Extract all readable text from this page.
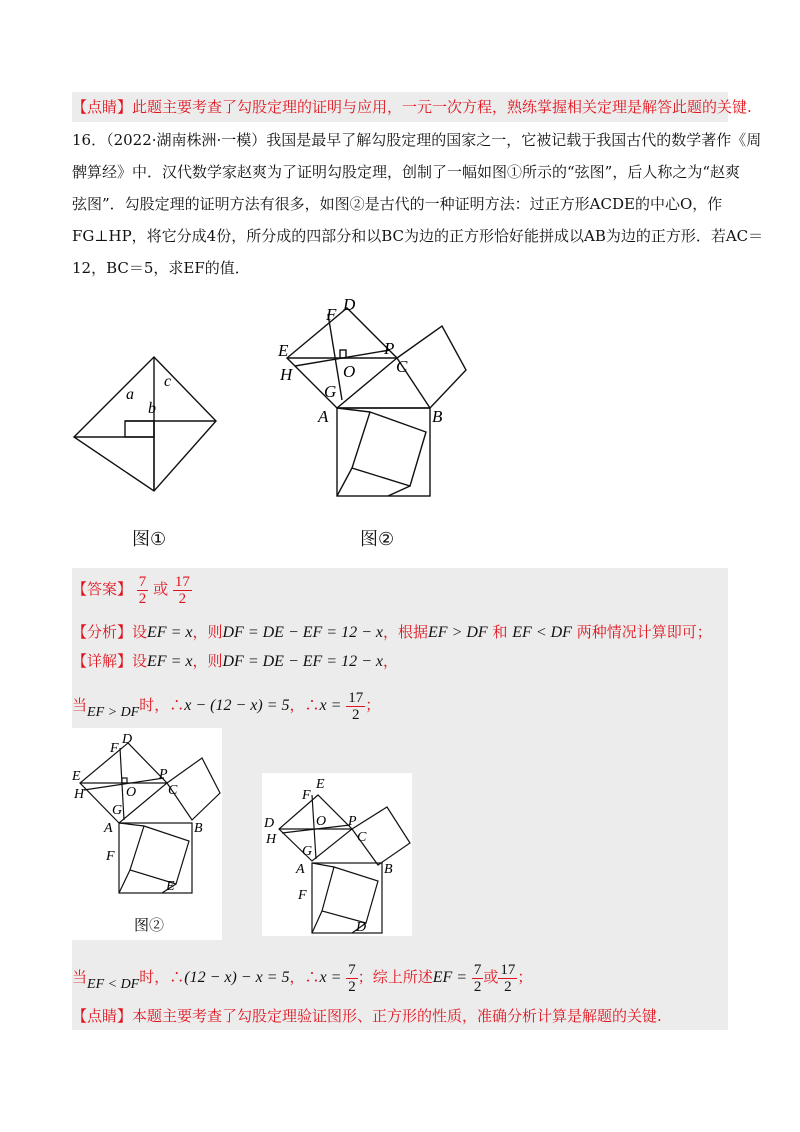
【点睛】此题主要考查了勾股定理的证明与应用，一元一次方程，熟练掌握相关定理是解答此题的关键.
16．（2022·湖南株洲·一模）我国是最早了解勾股定理的国家之一，它被记载于我国古代的数学著作《周
髀算经》中．汉代数学家赵爽为了证明勾股定理，创制了一幅如图①所示的“弦图”，后人称之为“赵爽
弦图”．勾股定理的证明方法有很多，如图②是古代的一种证明方法：过正方形ACDE的中心O，作
FG⊥HP，将它分成4份，所分成的四部分和以BC为边的正方形恰好能拼成以AB为边的正方形．若AC＝
12，BC＝5，求EF的值．
a
b
c
图①
D
F
E
H	O
P
C
G
A	B
图②
【答案】 $\frac{7}{2}$ 或 $\frac{17}{2}$
【分析】设EF = x，则DF = DE − EF = 12 − x，根据EF > DF 和 EF < DF 两种情况计算即可；
【详解】设EF = x，则DF = DE − EF = 12 − x，
当EF > DF时，∴x − (12 − x) = 5，∴x = $\frac{17}{2}$ ；
D
F
E
H	O
P
C
G
A	B
F
E
图②
E
F
D
H
O P
C
G
A	B
F
D
当EF < DF时，∴(12 − x) − x = 5，∴x = $\frac{7}{2}$ ；综上所述EF = $\frac{7}{2}$ 或 $\frac{17}{2}$ ；
【点睛】本题主要考查了勾股定理验证图形、正方形的性质，准确分析计算是解题的关键.
